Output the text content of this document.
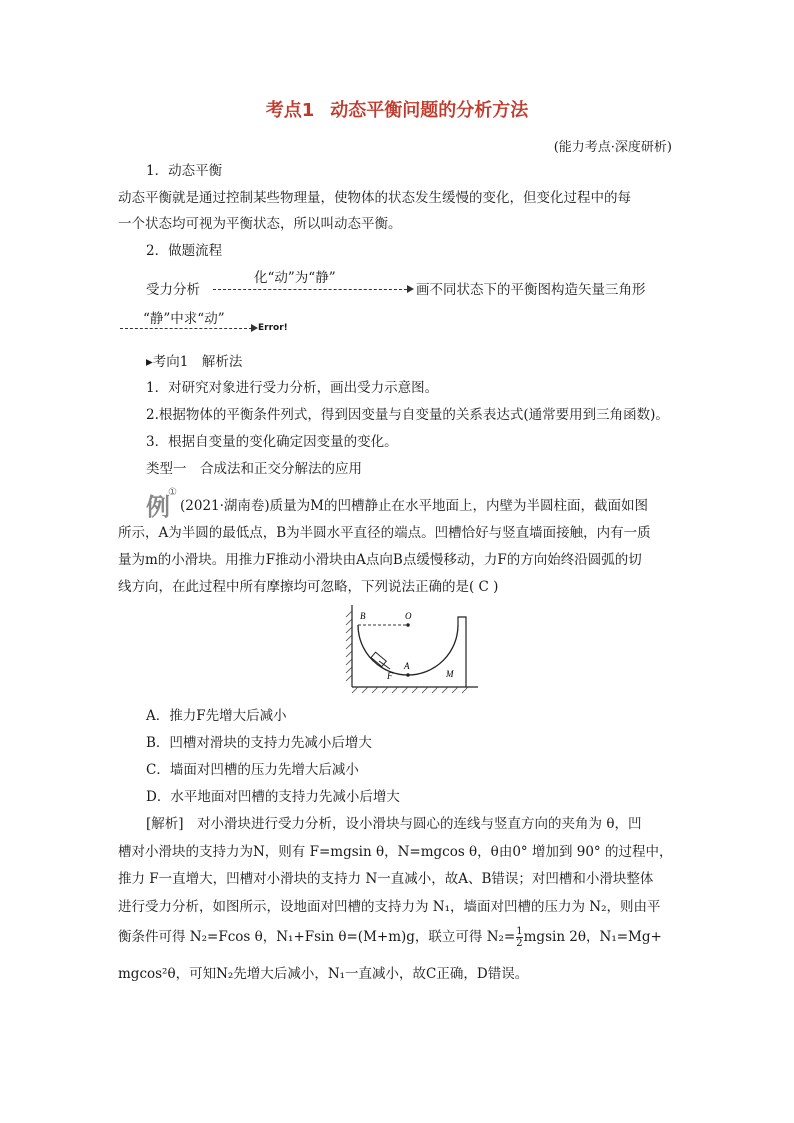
考点1 动态平衡问题的分析方法
(能力考点·深度研析)
1．动态平衡
动态平衡就是通过控制某些物理量，使物体的状态发生缓慢的变化，但变化过程中的每
一个状态均可视为平衡状态，所以叫动态平衡。
2．做题流程
受力分析
化“动”为“静”
画不同状态下的平衡图构造矢量三角形
“静”中求“动”
Error!
▸考向1　解析法
1．对研究对象进行受力分析，画出受力示意图。
2.根据物体的平衡条件列式，得到因变量与自变量的关系表达式(通常要用到三角函数)。
3．根据自变量的变化确定因变量的变化。
类型一　合成法和正交分解法的应用
例
①
(2021·湖南卷)质量为M的凹槽静止在水平地面上，内壁为半圆柱面，截面如图
所示，A为半圆的最低点，B为半圆水平直径的端点。凹槽恰好与竖直墙面接触，内有一质
量为m的小滑块。用推力F推动小滑块由A点向B点缓慢移动，力F的方向始终沿圆弧的切
线方向，在此过程中所有摩擦均可忽略，下列说法正确的是( C )
B	O
A
F	M
A．推力F先增大后减小
B．凹槽对滑块的支持力先减小后增大
C．墙面对凹槽的压力先增大后减小
D．水平地面对凹槽的支持力先减小后增大
[解析]　对小滑块进行受力分析，设小滑块与圆心的连线与竖直方向的夹角为 θ，凹
槽对小滑块的支持力为N，则有 F=mgsin θ，N=mgcos θ，θ由0° 增加到 90° 的过程中，
推力 F一直增大，凹槽对小滑块的支持力 N一直减小，故A、B错误；对凹槽和小滑块整体
进行受力分析，如图所示，设地面对凹槽的支持力为 N₁，墙面对凹槽的压力为 N₂，则由平
衡条件可得 N₂=Fcos θ，N₁+Fsin θ=(M+m)g，联立可得 $N_2= \frac{1}{2}$ mgsin 2θ，N₁=Mg+
mgcos²θ，可知N₂先增大后减小，N₁一直减小，故C正确，D错误。
